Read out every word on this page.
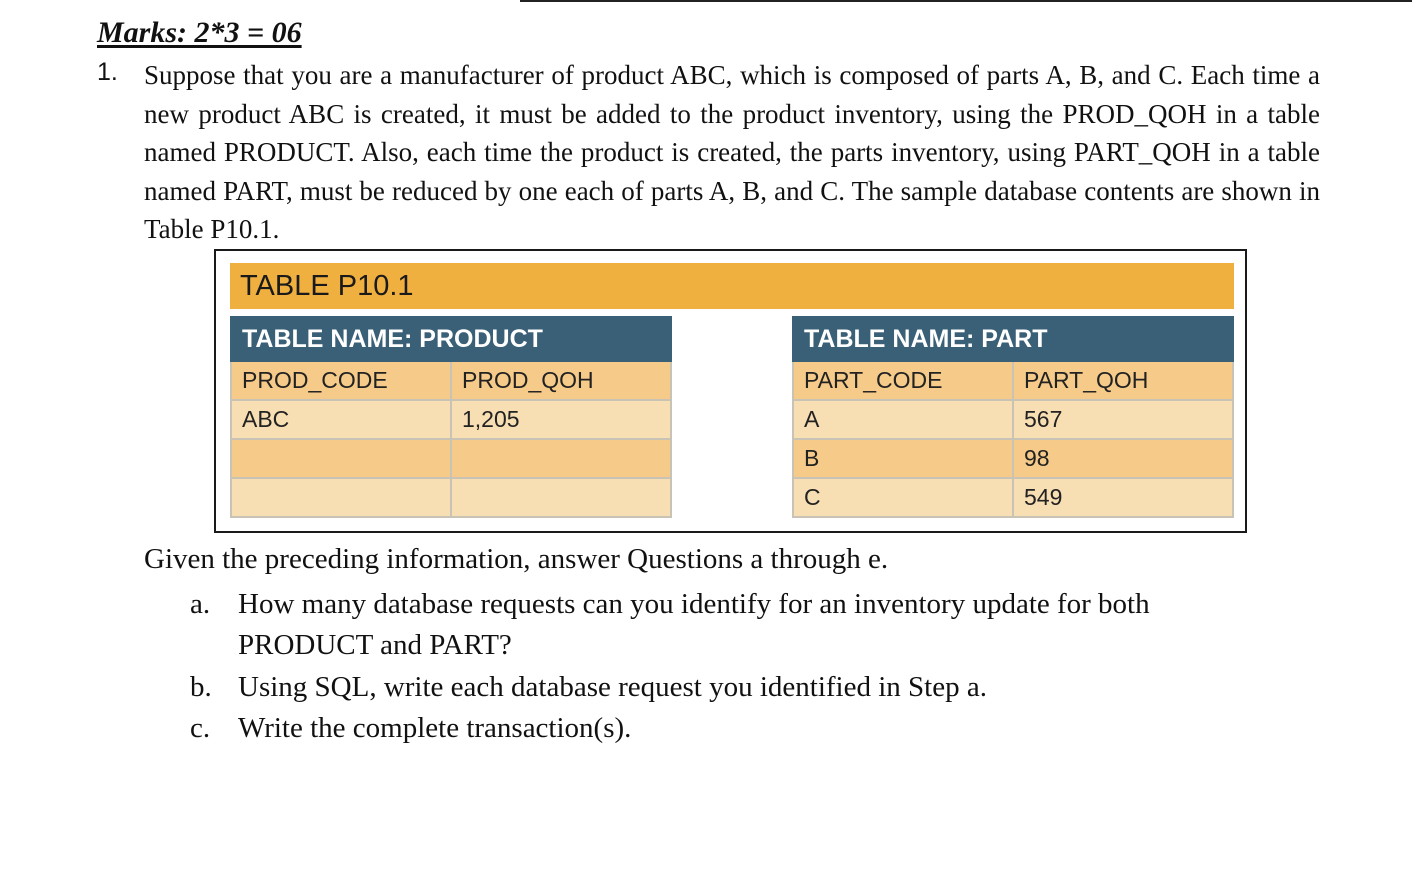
Marks: 2*3 = 06
1. Suppose that you are a manufacturer of product ABC, which is composed of parts A, B, and C. Each time a new product ABC is created, it must be added to the product inventory, using the PROD_QOH in a table named PRODUCT. Also, each time the product is created, the parts inventory, using PART_QOH in a table named PART, must be reduced by one each of parts A, B, and C. The sample database contents are shown in Table P10.1.

TABLE P10.1
TABLE NAME: PRODUCT	
PROD_CODE	PROD_QOH
ABC	1,205

TABLE NAME: PART	
PART_CODE	PART_QOH
A	567
B	98
C	549
Given the preceding information, answer Questions a through e.
a. How many database requests can you identify for an inventory update for both PRODUCT and PART?
b. Using SQL, write each database request you identified in Step a.
c. Write the complete transaction(s).
